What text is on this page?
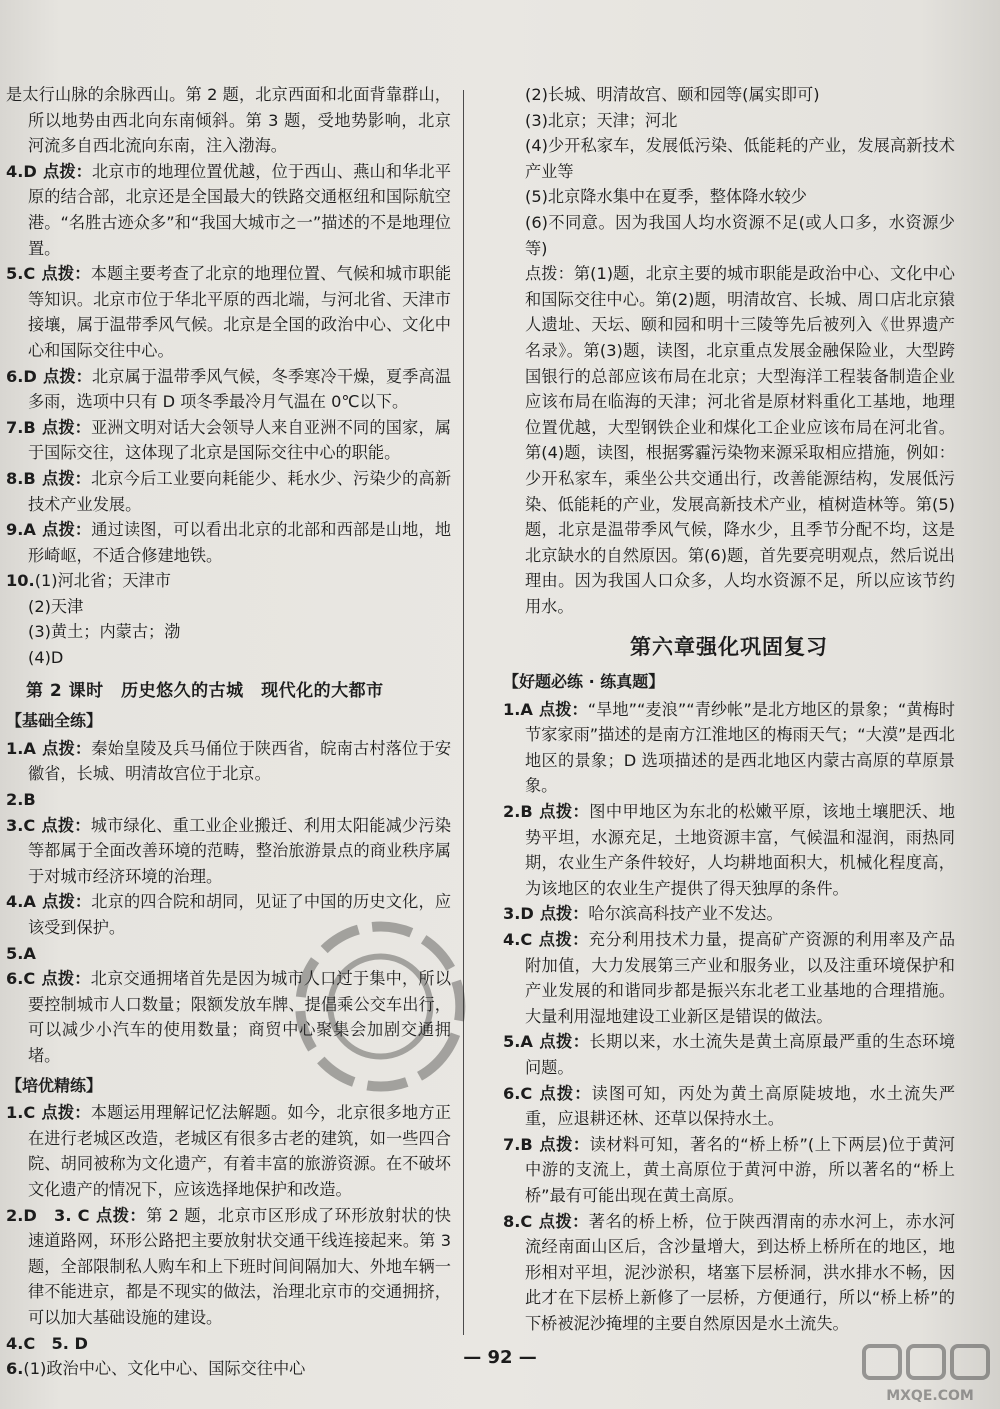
是太行山脉的余脉西山。第 2 题，北京西面和北面背靠群山，所以地势由西北向东南倾斜。第 3 题，受地势影响，北京河流多自西北流向东南，注入渤海。

4.D 点拨：北京市的地理位置优越，位于西山、燕山和华北平原的结合部，北京还是全国最大的铁路交通枢纽和国际航空港。“名胜古迹众多”和“我国大城市之一”描述的不是地理位置。

5.C 点拨：本题主要考查了北京的地理位置、气候和城市职能等知识。北京市位于华北平原的西北端，与河北省、天津市接壤，属于温带季风气候。北京是全国的政治中心、文化中心和国际交往中心。

6.D 点拨：北京属于温带季风气候，冬季寒冷干燥，夏季高温多雨，选项中只有 D 项冬季最冷月气温在 0℃以下。

7.B 点拨：亚洲文明对话大会领导人来自亚洲不同的国家，属于国际交往，这体现了北京是国际交往中心的职能。

8.B 点拨：北京今后工业要向耗能少、耗水少、污染少的高新技术产业发展。

9.A 点拨：通过读图，可以看出北京的北部和西部是山地，地形崎岖，不适合修建地铁。

10.(1)河北省；天津市

(2)天津

(3)黄土；内蒙古；渤

(4)D

第 2 课时　历史悠久的古城　现代化的大都市
【基础全练】

1.A 点拨：秦始皇陵及兵马俑位于陕西省，皖南古村落位于安徽省，长城、明清故宫位于北京。

2.B

3.C 点拨：城市绿化、重工业企业搬迁、利用太阳能减少污染等都属于全面改善环境的范畴，整治旅游景点的商业秩序属于对城市经济环境的治理。

4.A 点拨：北京的四合院和胡同，见证了中国的历史文化，应该受到保护。

5.A

6.C 点拨：北京交通拥堵首先是因为城市人口过于集中，所以要控制城市人口数量；限额发放车牌、提倡乘公交车出行，可以减少小汽车的使用数量；商贸中心聚集会加剧交通拥堵。

【培优精练】

1.C 点拨：本题运用理解记忆法解题。如今，北京很多地方正在进行老城区改造，老城区有很多古老的建筑，如一些四合院、胡同被称为文化遗产，有着丰富的旅游资源。在不破坏文化遗产的情况下，应该选择地保护和改造。

2.D　3. C 点拨：第 2 题，北京市区形成了环形放射状的快速道路网，环形公路把主要放射状交通干线连接起来。第 3 题，全部限制私人购车和上下班时间间隔加大、外地车辆一律不能进京，都是不现实的做法，治理北京市的交通拥挤，可以加大基础设施的建设。

4.C　5. D

6.(1)政治中心、文化中心、国际交往中心

(2)长城、明清故宫、颐和园等(属实即可)

(3)北京；天津；河北

(4)少开私家车，发展低污染、低能耗的产业，发展高新技术产业等

(5)北京降水集中在夏季，整体降水较少

(6)不同意。因为我国人均水资源不足(或人口多，水资源少等)

点拨：第(1)题，北京主要的城市职能是政治中心、文化中心和国际交往中心。第(2)题，明清故宫、长城、周口店北京猿人遗址、天坛、颐和园和明十三陵等先后被列入《世界遗产名录》。第(3)题，读图，北京重点发展金融保险业，大型跨国银行的总部应该布局在北京；大型海洋工程装备制造企业应该布局在临海的天津；河北省是原材料重化工基地，地理位置优越，大型钢铁企业和煤化工企业应该布局在河北省。第(4)题，读图，根据雾霾污染物来源采取相应措施，例如：少开私家车，乘坐公共交通出行，改善能源结构，发展低污染、低能耗的产业，发展高新技术产业，植树造林等。第(5)题，北京是温带季风气候，降水少，且季节分配不均，这是北京缺水的自然原因。第(6)题，首先要亮明观点，然后说出理由。因为我国人口众多，人均水资源不足，所以应该节约用水。

第六章强化巩固复习
【好题必练 · 练真题】

1.A 点拨：“旱地”“麦浪”“青纱帐”是北方地区的景象；“黄梅时节家家雨”描述的是南方江淮地区的梅雨天气；“大漠”是西北地区的景象；D 选项描述的是西北地区内蒙古高原的草原景象。

2.B 点拨：图中甲地区为东北的松嫩平原，该地土壤肥沃、地势平坦，水源充足，土地资源丰富，气候温和湿润，雨热同期，农业生产条件较好，人均耕地面积大，机械化程度高，为该地区的农业生产提供了得天独厚的条件。

3.D 点拨：哈尔滨高科技产业不发达。

4.C 点拨：充分利用技术力量，提高矿产资源的利用率及产品附加值，大力发展第三产业和服务业，以及注重环境保护和产业发展的和谐同步都是振兴东北老工业基地的合理措施。大量利用湿地建设工业新区是错误的做法。

5.A 点拨：长期以来，水土流失是黄土高原最严重的生态环境问题。

6.C 点拨：读图可知，丙处为黄土高原陡坡地，水土流失严重，应退耕还林、还草以保持水土。

7.B 点拨：读材料可知，著名的“桥上桥”(上下两层)位于黄河中游的支流上，黄土高原位于黄河中游，所以著名的“桥上桥”最有可能出现在黄土高原。

8.C 点拨：著名的桥上桥，位于陕西渭南的赤水河上，赤水河流经南面山区后，含沙量增大，到达桥上桥所在的地区，地形相对平坦，泥沙淤积，堵塞下层桥洞，洪水排水不畅，因此才在下层桥上新修了一层桥，方便通行，所以“桥上桥”的下桥被泥沙掩埋的主要自然原因是水土流失。

— 92 —
MXQE.COM
